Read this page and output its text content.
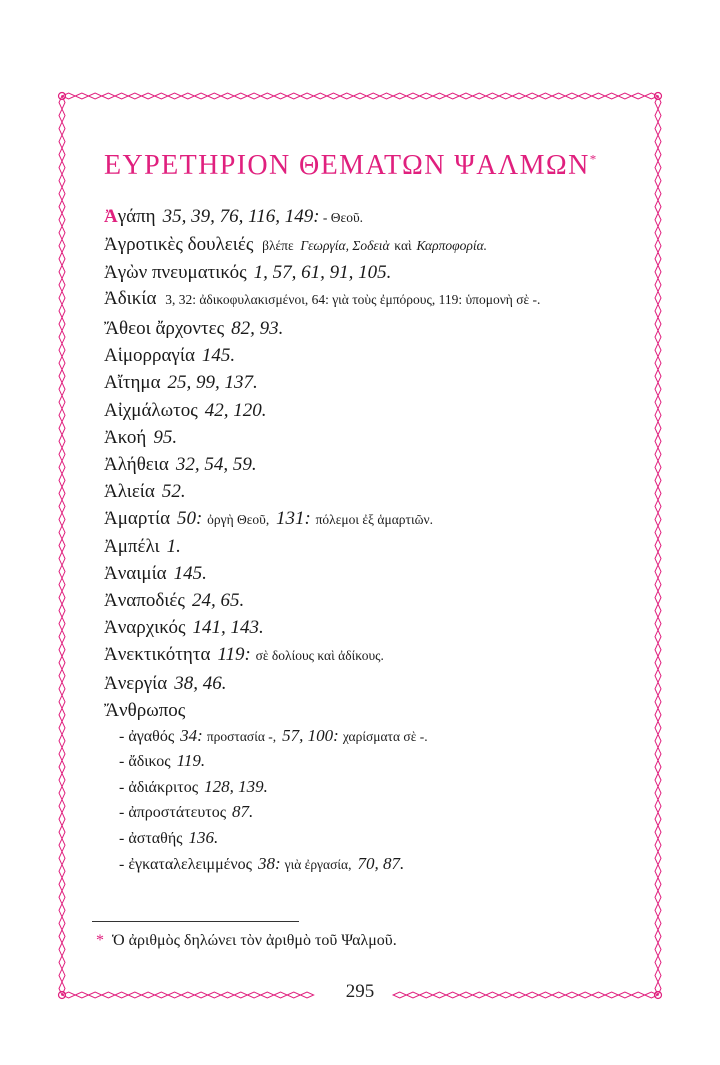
ΕΥΡΕΤΗΡΙΟΝ ΘΕΜΑΤΩΝ ΨΑΛΜΩΝ*
Ἀγάπη 35, 39, 76, 116, 149: - Θεοῦ.
Ἀγροτικὲς δουλειές βλέπε Γεωργία, Σοδειὰ καὶ Καρποφορία.
Ἀγὼν πνευματικός 1, 57, 61, 91, 105.
Ἀδικία 3, 32: ἀδικοφυλακισμένοι, 64: γιὰ τοὺς ἐμπόρους, 119: ὑπομονὴ σὲ -.
Ἄθεοι ἄρχοντες 82, 93.
Αἱμορραγία 145.
Αἴτημα 25, 99, 137.
Αἰχμάλωτος 42, 120.
Ἀκοή 95.
Ἀλήθεια 32, 54, 59.
Ἁλιεία 52.
Ἁμαρτία 50: ὀργὴ Θεοῦ, 131: πόλεμοι ἐξ ἁμαρτιῶν.
Ἀμπέλι 1.
Ἀναιμία 145.
Ἀναποδιές 24, 65.
Ἀναρχικός 141, 143.
Ἀνεκτικότητα 119: σὲ δολίους καὶ ἀδίκους.
Ἀνεργία 38, 46.
Ἄνθρωπος
- ἀγαθός 34: προστασία -, 57, 100: χαρίσματα σὲ -.
- ἄδικος 119.
- ἀδιάκριτος 128, 139.
- ἀπροστάτευτος 87.
- ἀσταθής 136.
- ἐγκαταλελειμμένος 38: γιὰ ἐργασία, 70, 87.
* Ὁ ἀριθμὸς δηλώνει τὸν ἀριθμὸ τοῦ Ψαλμοῦ.
295
